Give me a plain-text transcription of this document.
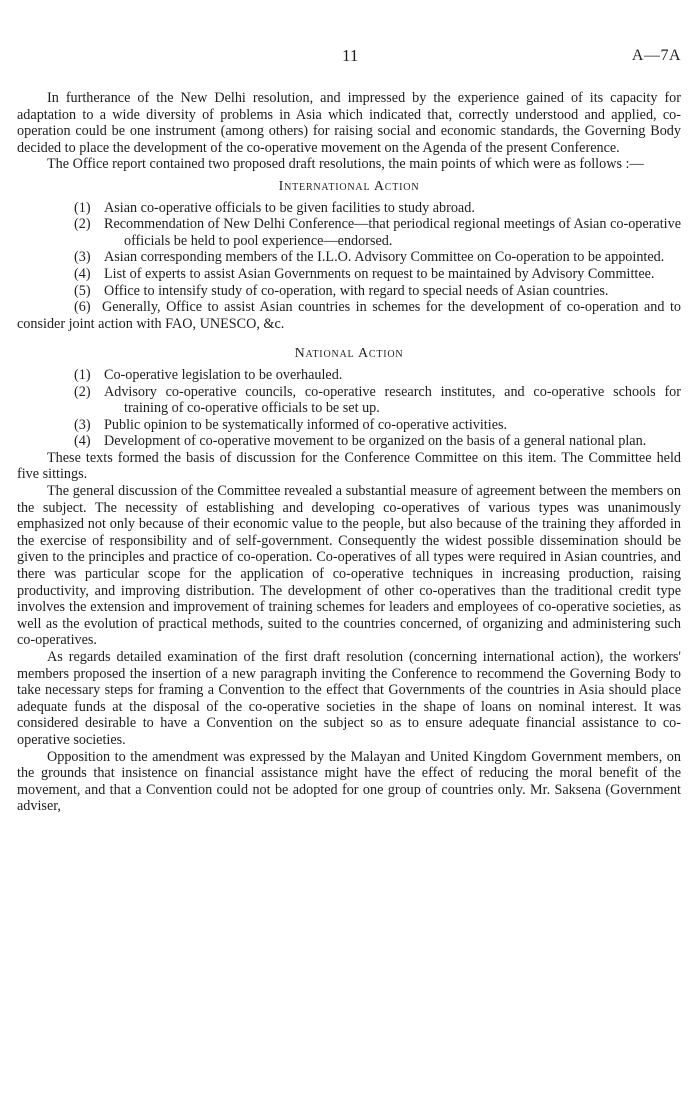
11	A—7A

In furtherance of the New Delhi resolution, and impressed by the experience gained of its capacity for adaptation to a wide diversity of problems in Asia which indicated that, correctly understood and applied, co-operation could be one instrument (among others) for raising social and economic standards, the Governing Body decided to place the development of the co-operative movement on the Agenda of the present Conference.

The Office report contained two proposed draft resolutions, the main points of which were as follows :—

International Action
(1) Asian co-operative officials to be given facilities to study abroad.
(2) Recommendation of New Delhi Conference—that periodical regional meetings of Asian co-operative officials be held to pool experience—endorsed.
(3) Asian corresponding members of the I.L.O. Advisory Committee on Co-operation to be appointed.
(4) List of experts to assist Asian Governments on request to be maintained by Advisory Committee.
(5) Office to intensify study of co-operation, with regard to special needs of Asian countries.
(6) Generally, Office to assist Asian countries in schemes for the development of co-operation and to consider joint action with FAO, UNESCO, &c.
National Action
(1) Co-operative legislation to be overhauled.
(2) Advisory co-operative councils, co-operative research institutes, and co-operative schools for training of co-operative officials to be set up.
(3) Public opinion to be systematically informed of co-operative activities.
(4) Development of co-operative movement to be organized on the basis of a general national plan.

These texts formed the basis of discussion for the Conference Committee on this item. The Committee held five sittings.

The general discussion of the Committee revealed a substantial measure of agreement between the members on the subject. The necessity of establishing and developing co-operatives of various types was unanimously emphasized not only because of their economic value to the people, but also because of the training they afforded in the exercise of responsibility and of self-government. Consequently the widest possible dissemination should be given to the principles and practice of co-operation. Co-operatives of all types were required in Asian countries, and there was particular scope for the application of co-operative techniques in increasing production, raising productivity, and improving distribution. The development of other co-operatives than the traditional credit type involves the extension and improvement of training schemes for leaders and employees of co-operative societies, as well as the evolution of practical methods, suited to the countries concerned, of organizing and administering such co-operatives.

As regards detailed examination of the first draft resolution (concerning international action), the workers' members proposed the insertion of a new paragraph inviting the Conference to recommend the Governing Body to take necessary steps for framing a Convention to the effect that Governments of the countries in Asia should place adequate funds at the disposal of the co-operative societies in the shape of loans on nominal interest. It was considered desirable to have a Convention on the subject so as to ensure adequate financial assistance to co-operative societies.

Opposition to the amendment was expressed by the Malayan and United Kingdom Government members, on the grounds that insistence on financial assistance might have the effect of reducing the moral benefit of the movement, and that a Convention could not be adopted for one group of countries only. Mr. Saksena (Government adviser,
